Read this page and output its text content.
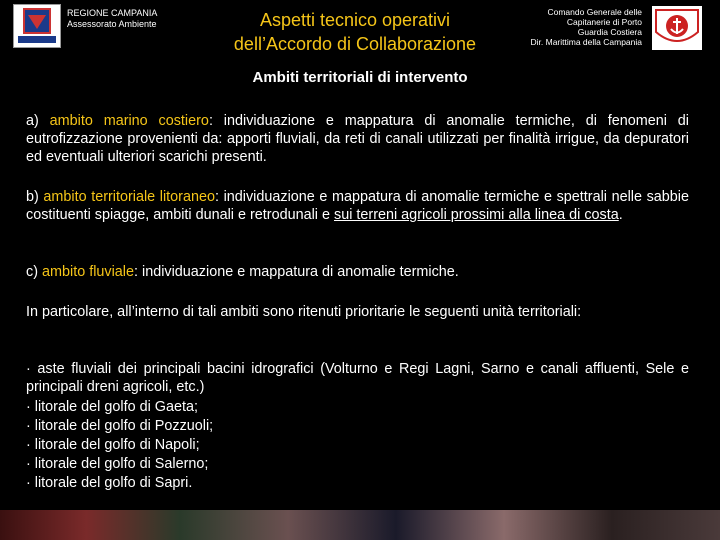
REGIONE CAMPANIA
Assessorato Ambiente	Aspetti tecnico operativi
dell’Accordo di Collaborazione
Comando Generale delle
Capitanerie di Porto
Guardia Costiera
Dir. Marittima della Campania
Ambiti territoriali di intervento
a) ambito marino costiero: individuazione e mappatura di anomalie termiche, di fenomeni di eutrofizzazione provenienti da: apporti fluviali, da reti di canali utilizzati per finalità irrigue, da depuratori ed eventuali ulteriori scarichi presenti.
b) ambito territoriale litoraneo: individuazione e mappatura di anomalie termiche e spettrali nelle sabbie costituenti spiagge, ambiti dunali e retrodunali e sui terreni agricoli prossimi alla linea di costa.
c) ambito fluviale: individuazione e mappatura di anomalie termiche.
In particolare, all’interno di tali ambiti sono ritenuti prioritarie le seguenti unità territoriali:
· aste fluviali dei principali bacini idrografici (Volturno e Regi Lagni, Sarno e canali affluenti, Sele e principali dreni agricoli, etc.)
· litorale del golfo di Gaeta;
· litorale del golfo di Pozzuoli;
· litorale del golfo di Napoli;
· litorale del golfo di Salerno;
· litorale del golfo di Sapri.
